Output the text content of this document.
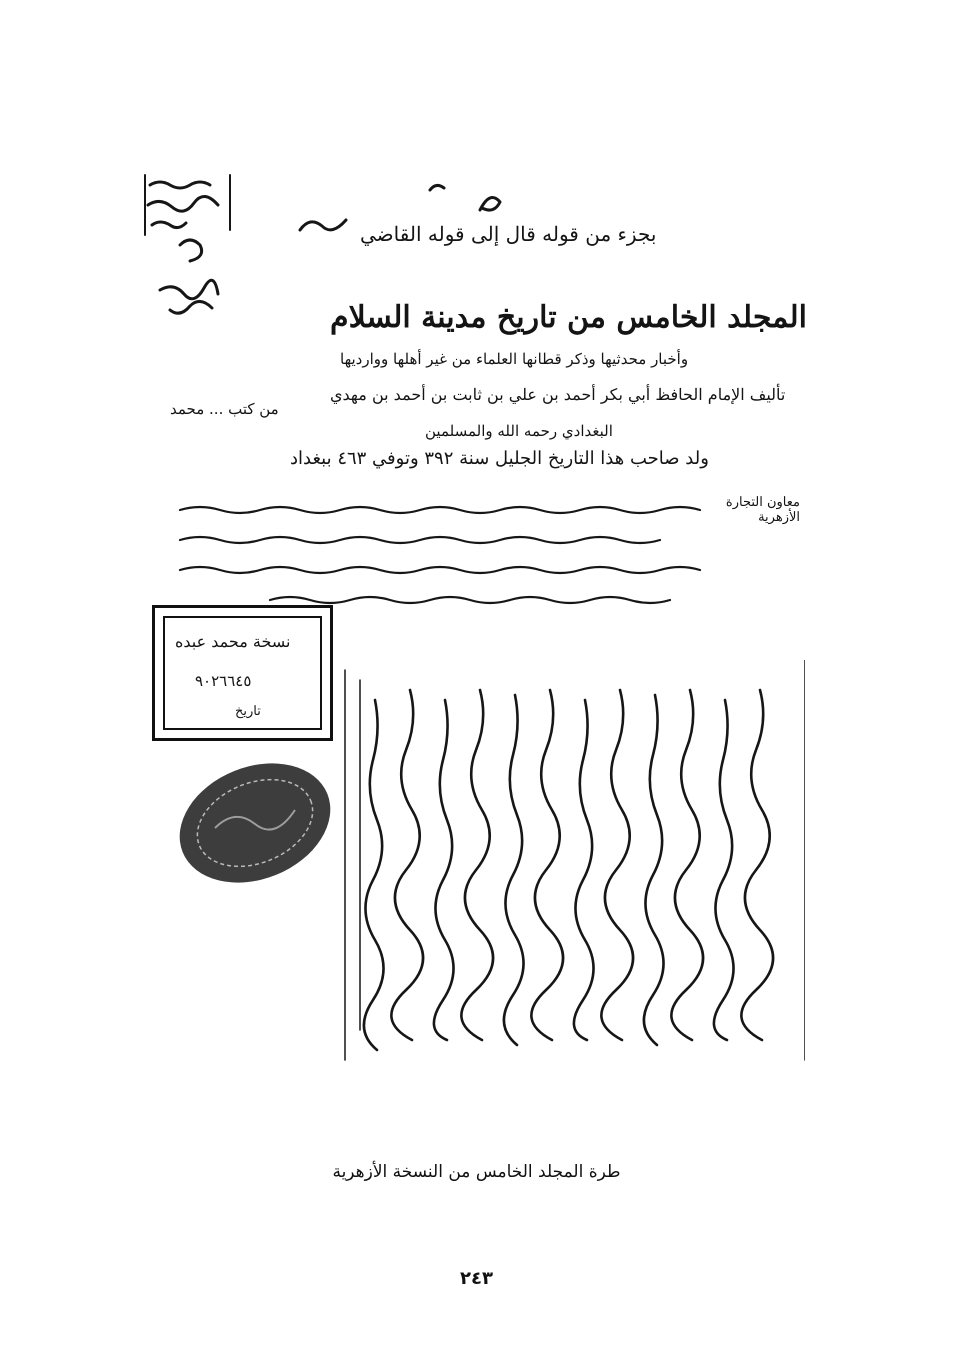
بجزء من قوله قال إلى قوله القاضي
المجلد الخامس من تاريخ مدينة السلام
وأخبار محدثيها وذكر قطانها العلماء من غير أهلها ووارديها
تأليف الإمام الحافظ أبي بكر أحمد بن علي بن ثابت بن أحمد بن مهدي
البغدادي رحمه الله والمسلمين
ولد صاحب هذا التاريخ الجليل سنة ٣٩٢ وتوفي ٤٦٣ ببغداد
من كتب ... محمد
معاون التجارة الأزهرية
نسخة محمد عبده
٩٠٢٦٦٤٥
تاريخ
طرة المجلد الخامس من النسخة الأزهرية
٢٤٣
